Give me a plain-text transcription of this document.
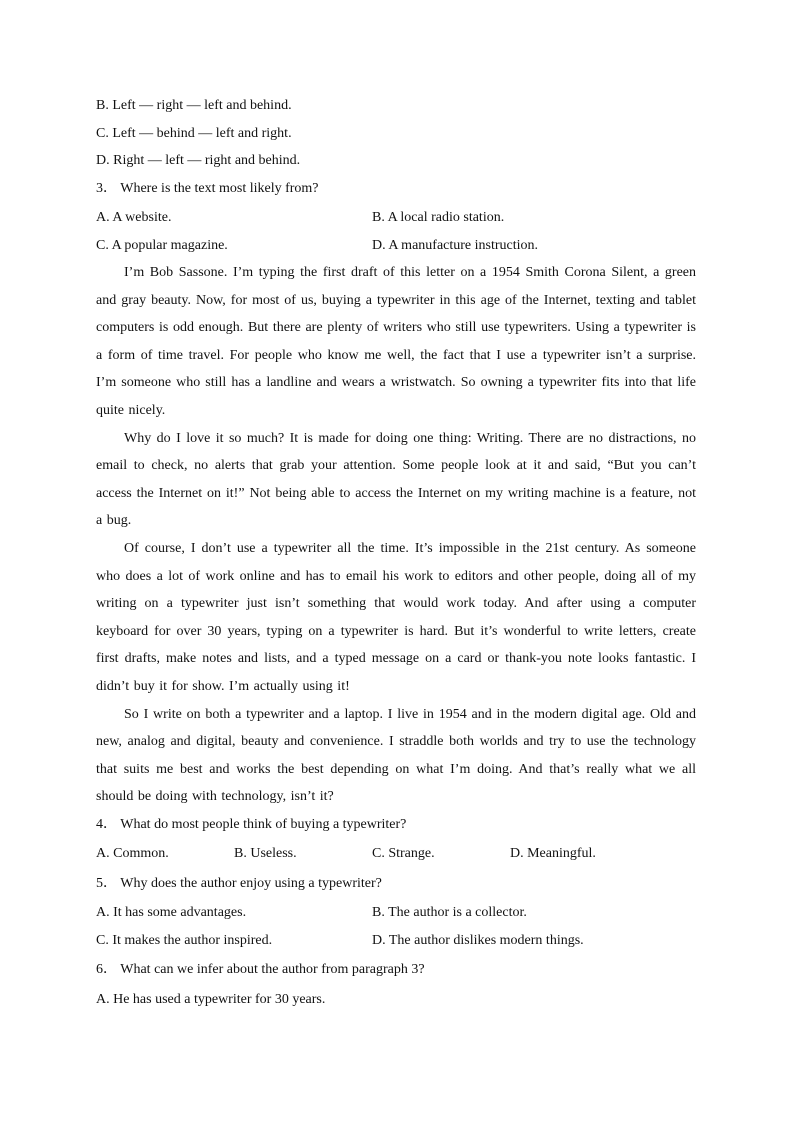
B. Left — right — left and behind.
C. Left — behind — left and right.
D. Right — left — right and behind.
3． Where is the text most likely from?
A. A website.	B. A local radio station.
C. A popular magazine.	D. A manufacture instruction.
I’m Bob Sassone. I’m typing the first draft of this letter on a 1954 Smith Corona Silent, a green and gray beauty. Now, for most of us, buying a typewriter in this age of the Internet, texting and tablet computers is odd enough. But there are plenty of writers who still use typewriters. Using a typewriter is a form of time travel. For people who know me well, the fact that I use a typewriter isn’t a surprise. I’m someone who still has a landline and wears a wristwatch. So owning a typewriter fits into that life quite nicely.
Why do I love it so much? It is made for doing one thing: Writing. There are no distractions, no email to check, no alerts that grab your attention. Some people look at it and said, “But you can’t access the Internet on it!” Not being able to access the Internet on my writing machine is a feature, not a bug.
Of course, I don’t use a typewriter all the time. It’s impossible in the 21st century. As someone who does a lot of work online and has to email his work to editors and other people, doing all of my writing on a typewriter just isn’t something that would work today. And after using a computer keyboard for over 30 years, typing on a typewriter is hard. But it’s wonderful to write letters, create first drafts, make notes and lists, and a typed message on a card or thank-you note looks fantastic. I didn’t buy it for show. I’m actually using it!
So I write on both a typewriter and a laptop. I live in 1954 and in the modern digital age. Old and new, analog and digital, beauty and convenience. I straddle both worlds and try to use the technology that suits me best and works the best depending on what I’m doing. And that’s really what we all should be doing with technology, isn’t it?
4． What do most people think of buying a typewriter?
A. Common.	B. Useless.	C. Strange.	D. Meaningful.
5． Why does the author enjoy using a typewriter?
A. It has some advantages.	B. The author is a collector.
C. It makes the author inspired.	D. The author dislikes modern things.
6． What can we infer about the author from paragraph 3?
A. He has used a typewriter for 30 years.
